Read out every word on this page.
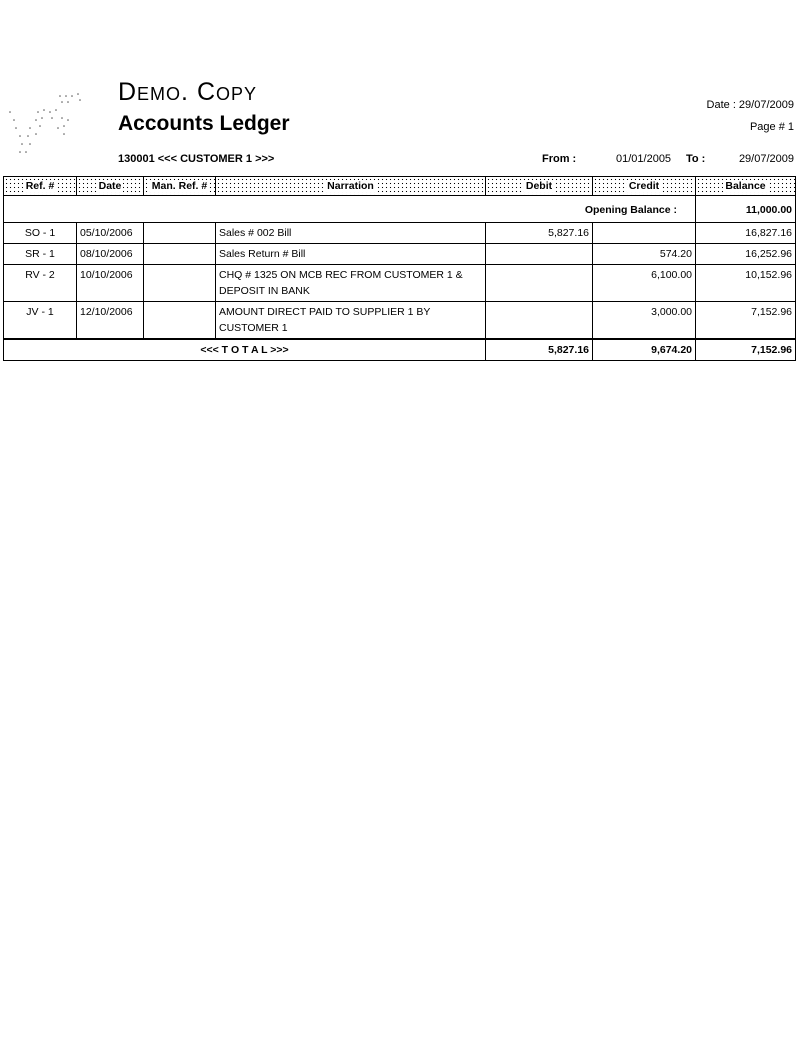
Demo. Copy
Accounts Ledger
Date : 29/07/2009
Page # 1
130001 <<< CUSTOMER 1 >>>	From :	01/01/2005 To :	29/07/2009
Ref. #	Date	Man. Ref. #	Narration	Debit	Credit	Balance
Opening Balance :						11,000.00
SO - 1	05/10/2006		Sales # 002 Bill	5,827.16		16,827.16
SR - 1	08/10/2006		Sales Return # Bill		574.20	16,252.96
RV - 2	10/10/2006		CHQ # 1325 ON MCB REC FROM CUSTOMER 1 & DEPOSIT IN BANK		6,100.00	10,152.96
JV - 1	12/10/2006		AMOUNT DIRECT PAID TO SUPPLIER 1 BY CUSTOMER 1		3,000.00	7,152.96
<<< T O T A L >>>				5,827.16	9,674.20	7,152.96
